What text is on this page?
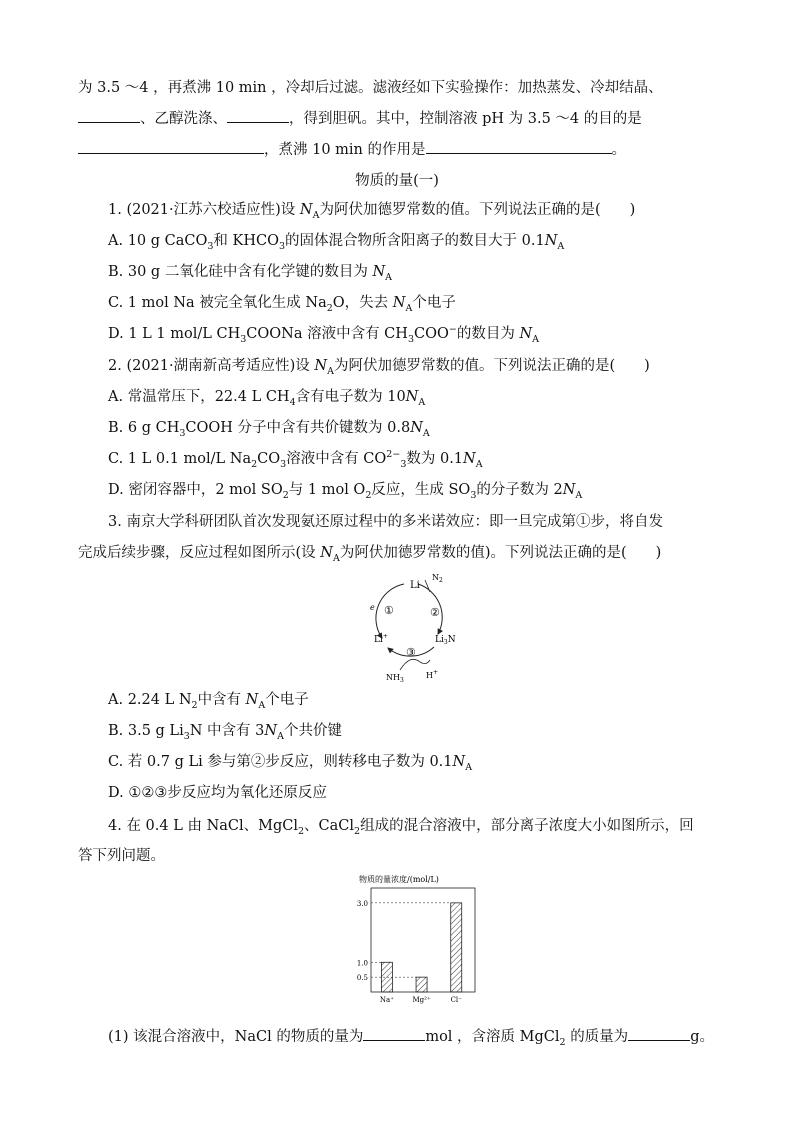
为 3.5 ～4 ，再煮沸 10 min ，冷却后过滤。滤液经如下实验操作：加热蒸发、冷却结晶、
、乙醇洗涤、	，得到胆矾。其中，控制溶液 pH 为 3.5 ～4 的目的是
，煮沸 10 min 的作用是	。
物质的量(一)
1. (2021·江苏六校适应性)设 $N_A$为阿伏加德罗常数的值。下列说法正确的是(　　)
A. 10 g CaCO$_3$和 $KHCO_3$的固体混合物所含阳离子的数目大于 $0.1N_A$
B. 30 g 二氧化硅中含有化学键的数目为 $N_A$
C. 1 mol Na 被完全氧化生成 $Na_2O$，失去 $N_A$个电子
D. 1 L 1 mol/L $CH_3COONa$ 溶液中含有 $CH_3COO^-$的数目为 $N_A$
2. (2021·湖南新高考适应性)设 $N_A$为阿伏加德罗常数的值。下列说法正确的是(　　)
A. 常温常压下，22.4 L $CH_4$含有电子数为 $10N_A$
B. 6 g $CH_3COOH$ 分子中含有共价键数为 $0.8N_A$
C. 1 L 0.1 mol/L $Na_2CO_3$溶液中含有 $CO^{2-}_3$数为 $0.1N_A$
D. 密闭容器中，2 mol $SO_2$与 1 mol $O_2$反应，生成 $SO_3$的分子数为 $2N_A$
3. 南京大学科研团队首次发现氨还原过程中的多米诺效应：即一旦完成第①步，将自发
完成后续步骤，反应过程如图所示(设 $N_A$为阿伏加德罗常数的值)。下列说法正确的是(　　)
Li
$N_2$
Li+	$Li_3N$
$NH_3$
H+
①	②
③
e
A. 2.24 L $N_2$中含有 $N_A$个电子
B. 3.5 g $Li_3N$ 中含有 $3N_A$个共价键
C. 若 0.7 g Li 参与第②步反应，则转移电子数为 $0.1N_A$
D. ①②③步反应均为氧化还原反应
4. 在 0.4 L 由 NaCl、MgCl$_2$、CaCl$_2$组成的混合溶液中，部分离子浓度大小如图所示，回
答下列问题。
物质的量浓度/(mol/L)
Na⁺	Mg²⁺	Cl⁻
0.5
1.0
3.0
(1) 该混合溶液中，NaCl 的物质的量为	mol ，含溶质 MgCl$_2$ 的质量为	g。
